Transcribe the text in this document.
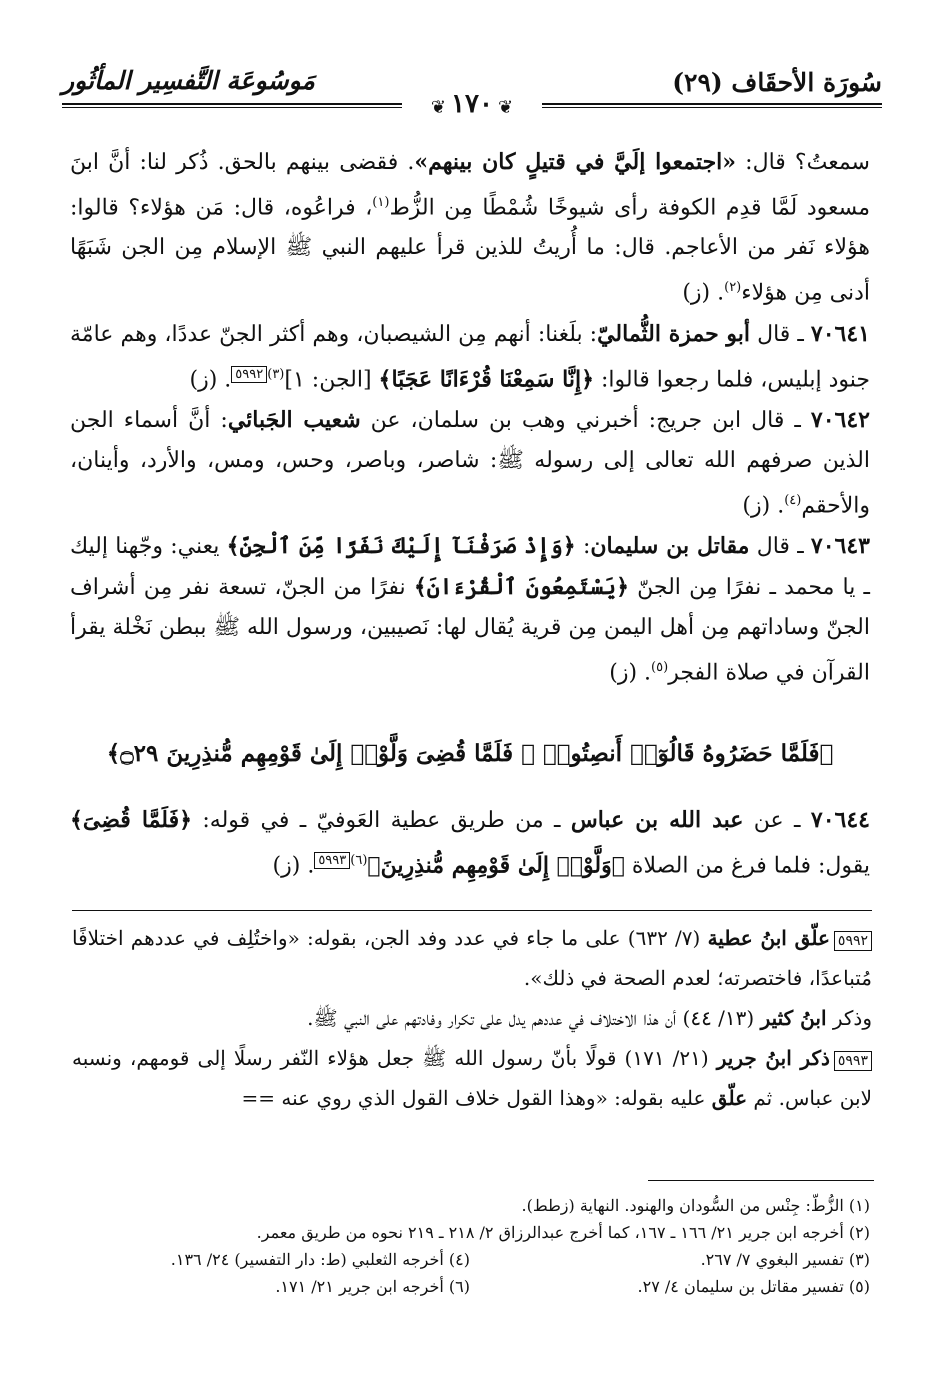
سُورَة الأحقَاف (٢٩)
مَوسُوعَة التَّفسِير المأثُور
❦ ١٧٠ ❦

سمعتُ؟ قال: «اجتمعوا إلَيَّ في قتيلٍ كان بينهم». فقضى بينهم بالحق. ذُكر لنا: أنَّ ابنَ مسعود لَمَّا قدِم الكوفة رأى شيوخًا شُمْطًا مِن الزُّط$^{(١)}$، فراعُوه، قال: مَن هؤلاء؟ قالوا: هؤلاء نَفر من الأعاجم. قال: ما أُريتُ للذين قرأ عليهم النبي ﷺ الإسلام مِن الجن شَبَهًا أدنى مِن هؤلاء$^{(٢)}$. (ز)

٧٠٦٤١ ـ قال أبو حمزة الثُّماليّ: بلَغنا: أنهم مِن الشيصبان، وهم أكثر الجنّ عددًا، وهم عامّة جنود إبليس، فلما رجعوا قالوا: ﴿إِنَّا سَمِعْنَا قُرْءَانًا عَجَبًا﴾ [الجن: ١]$^{(٣)}$٥٩٩٢. (ز)

٧٠٦٤٢ ـ قال ابن جريج: أخبرني وهب بن سلمان، عن شعيب الجَبائي: أنَّ أسماء الجن الذين صرفهم الله تعالى إلى رسوله ﷺ: شاصر، وباصر، وحس، ومس، والأرد، وأينان، والأحقم$^{(٤)}$. (ز)

٧٠٦٤٣ ـ قال مقاتل بن سليمان: ﴿وَإِذْ صَرَفْنَآ إِلَيْكَ نَفَرًا مِّنَ ٱلْجِنِّ﴾ يعني: وجّهنا إليك ـ يا محمد ـ نفرًا مِن الجنّ ﴿يَسْتَمِعُونَ ٱلْقُرْءَانَ﴾ نفرًا من الجنّ، تسعة نفر مِن أشراف الجنّ وساداتهم مِن أهل اليمن مِن قرية يُقال لها: نَصيبين، ورسول الله ﷺ ببطن نَخْلة يقرأ القرآن في صلاة الفجر$^{(٥)}$. (ز)

﴿فَلَمَّا حَضَرُوهُ قَالُوٓا۟ أَنصِتُوا۟ ۖ فَلَمَّا قُضِىَ وَلَّوْا۟ إِلَىٰ قَوْمِهِم مُّنذِرِينَ ۝٢٩﴾

٧٠٦٤٤ ـ عن عبد الله بن عباس ـ من طريق عطية العَوفيّ ـ في قوله: ﴿فَلَمَّا قُضِىَ﴾ يقول: فلما فرغ من الصلاة ﴿وَلَّوْا۟ إِلَىٰ قَوْمِهِم مُّنذِرِينَ﴾$^{(٦)}$٥٩٩٣. (ز)

٥٩٩٢علّق ابنُ عطية (٧/ ٦٣٢) على ما جاء في عدد وفد الجن، بقوله: «واختُلِف في عددهم اختلافًا مُتباعدًا، فاختصرته؛ لعدم الصحة في ذلك».

وذكر ابنُ كثير (١٣/ ٤٤) أن هذا الاختلاف في عددهم يدل على تكرار وفادتهم على النبي ﷺ.

٥٩٩٣ذكر ابنُ جرير (٢١/ ١٧١) قولًا بأنّ رسول الله ﷺ جعل هؤلاء النّفر رسلًا إلى قومهم، ونسبه لابن عباس. ثم علّق عليه بقوله: «وهذا القول خلاف القول الذي روي عنه ==

(١) الزُّطّ: جِنْس من السُّودان والهنود. النهاية (زطط).
(٢) أخرجه ابن جرير ٢١/ ١٦٦ ـ ١٦٧، كما أخرج عبدالرزاق ٢/ ٢١٨ ـ ٢١٩ نحوه من طريق معمر.
(٣) تفسير البغوي ٧/ ٢٦٧.
(٤) أخرجه الثعلبي (ط: دار التفسير) ٢٤/ ١٣٦.
(٥) تفسير مقاتل بن سليمان ٤/ ٢٧.
(٦) أخرجه ابن جرير ٢١/ ١٧١.
